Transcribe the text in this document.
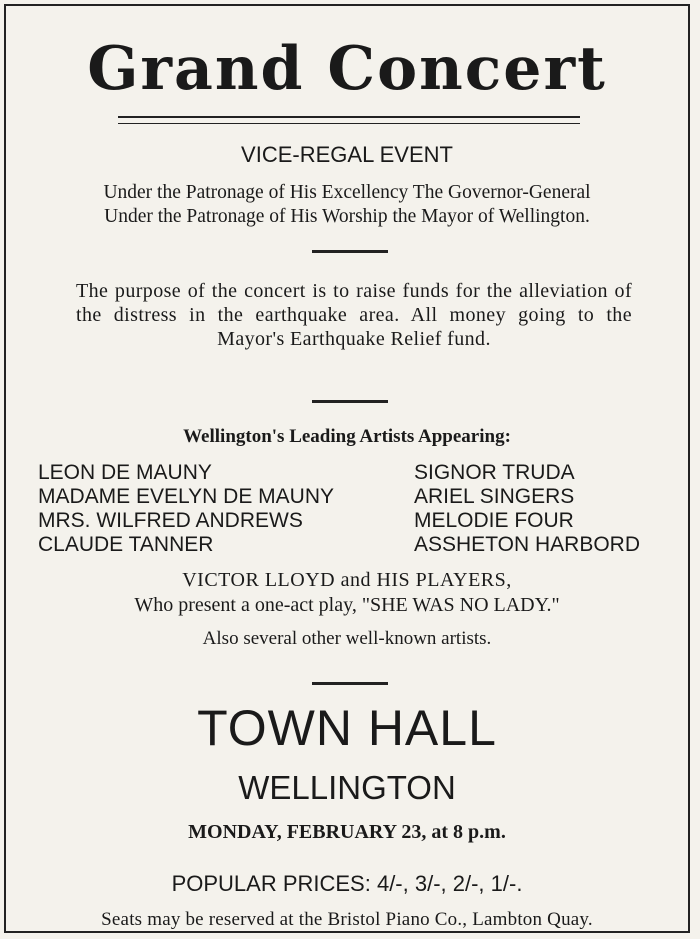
Grand Concert
VICE-REGAL EVENT
Under the Patronage of His Excellency The Governor-General
Under the Patronage of His Worship the Mayor of Wellington.
The purpose of the concert is to raise funds for the alleviation of the distress in the earthquake area. All money going to the Mayor's Earthquake Relief fund.
Wellington's Leading Artists Appearing:
LEON DE MAUNY
MADAME EVELYN DE MAUNY
MRS. WILFRED ANDREWS
CLAUDE TANNER
SIGNOR TRUDA
ARIEL SINGERS
MELODIE FOUR
ASSHETON HARBORD
VICTOR LLOYD and HIS PLAYERS,
Who present a one-act play, "SHE WAS NO LADY."
Also several other well-known artists.
TOWN HALL
WELLINGTON
MONDAY, FEBRUARY 23, at 8 p.m.
POPULAR PRICES: 4/-, 3/-, 2/-, 1/-.
Seats may be reserved at the Bristol Piano Co., Lambton Quay.
